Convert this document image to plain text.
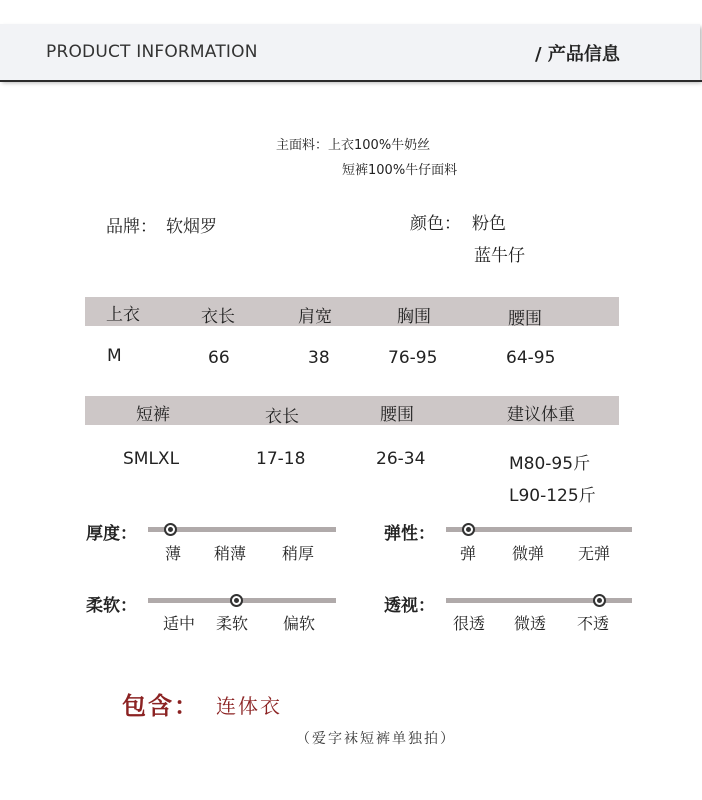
PRODUCT INFORMATION	/ 产品信息
主面料：上衣100%牛奶丝
短裤100%牛仔面料
品牌： 软烟罗	颜色： 粉色
蓝牛仔
上衣	衣长	肩宽	胸围	腰围
M	66	38	76-95	64-95
短裤	衣长	腰围	建议体重
SMLXL	17-18	26-34	M80-95斤
L90-125斤
厚度：
薄 稍薄 稍厚
弹性：
弹 微弹 无弹
柔软：
适中 柔软 偏软
透视：
很透 微透 不透
包含： 连体衣
（爱字袜短裤单独拍）
